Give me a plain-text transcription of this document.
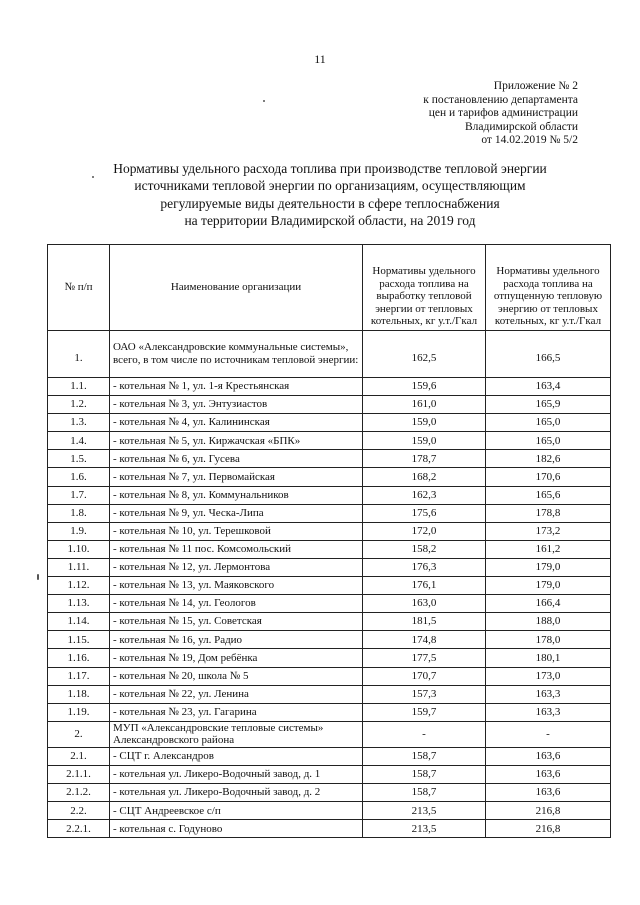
11
Приложение № 2
к постановлению департамента
цен и тарифов администрации
Владимирской области
от 14.02.2019 № 5/2
Нормативы удельного расхода топлива при производстве тепловой энергии
источниками тепловой энергии по организациям, осуществляющим
регулируемые виды деятельности в сфере теплоснабжения
на территории Владимирской области, на 2019 год
№ п/п	Наименование организации	Нормативы удельного расхода топлива на выработку тепловой энергии от тепловых котельных, кг у.т./Гкал	Нормативы удельного расхода топлива на отпущенную тепловую энергию от тепловых котельных, кг у.т./Гкал
1.	ОАО «Александровские коммунальные системы», всего, в том числе по источникам тепловой энергии:	162,5	166,5
1.1.	- котельная № 1, ул. 1-я Крестьянская	159,6	163,4
1.2.	- котельная № 3, ул. Энтузиастов	161,0	165,9
1.3.	- котельная № 4, ул. Калининская	159,0	165,0
1.4.	- котельная № 5, ул. Киржачская «БПК»	159,0	165,0
1.5.	- котельная № 6, ул. Гусева	178,7	182,6
1.6.	- котельная № 7, ул. Первомайская	168,2	170,6
1.7.	- котельная № 8, ул. Коммунальников	162,3	165,6
1.8.	- котельная № 9, ул. Ческа-Липа	175,6	178,8
1.9.	- котельная № 10, ул. Терешковой	172,0	173,2
1.10.	- котельная № 11 пос. Комсомольский	158,2	161,2
1.11.	- котельная № 12, ул. Лермонтова	176,3	179,0
1.12.	- котельная № 13, ул. Маяковского	176,1	179,0
1.13.	- котельная № 14, ул. Геологов	163,0	166,4
1.14.	- котельная № 15, ул. Советская	181,5	188,0
1.15.	- котельная № 16, ул. Радио	174,8	178,0
1.16.	- котельная № 19, Дом ребёнка	177,5	180,1
1.17.	- котельная № 20, школа № 5	170,7	173,0
1.18.	- котельная № 22, ул. Ленина	157,3	163,3
1.19.	- котельная № 23, ул. Гагарина	159,7	163,3
2.	МУП «Александровские тепловые системы» Александровского района	-	-
2.1.	- СЦТ г. Александров	158,7	163,6
2.1.1.	- котельная ул. Ликеро-Водочный завод, д. 1	158,7	163,6
2.1.2.	- котельная ул. Ликеро-Водочный завод, д. 2	158,7	163,6
2.2.	- СЦТ Андреевское с/п	213,5	216,8
2.2.1.	- котельная с. Годуново	213,5	216,8
